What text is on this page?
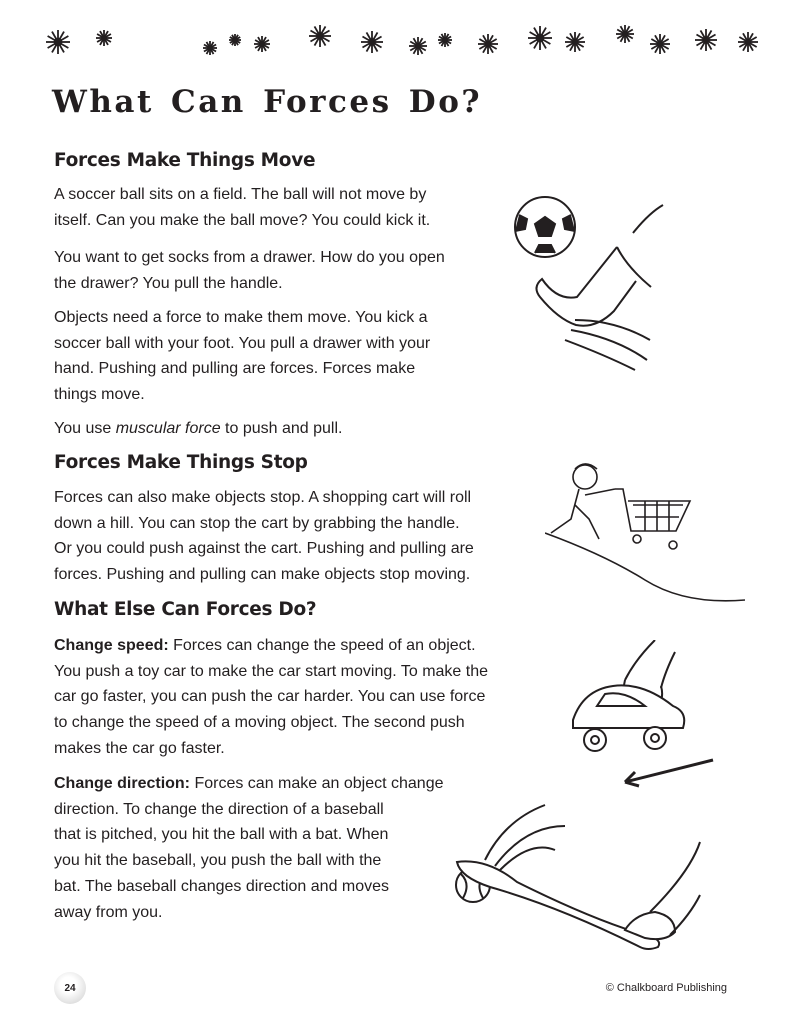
What Can Forces Do?
Forces Make Things Move
A soccer ball sits on a field. The ball will not move by
itself. Can you make the ball move? You could kick it.
You want to get socks from a drawer. How do you open
the drawer? You pull the handle.
Objects need a force to make them move. You kick a
soccer ball with your foot. You pull a drawer with your
hand. Pushing and pulling are forces. Forces make
things move.
You use muscular force to push and pull.
Forces Make Things Stop
Forces can also make objects stop. A shopping cart will roll
down a hill. You can stop the cart by grabbing the handle.
Or you could push against the cart. Pushing and pulling are
forces. Pushing and pulling can make objects stop moving.
What Else Can Forces Do?
Change speed: Forces can change the speed of an object.
You push a toy car to make the car start moving. To make the
car go faster, you can push the car harder. You can use force
to change the speed of a moving object. The second push
makes the car go faster.
Change direction: Forces can make an object change
direction. To change the direction of a baseball
that is pitched, you hit the ball with a bat. When
you hit the baseball, you push the ball with the
bat. The baseball changes direction and moves
away from you.
24	© Chalkboard Publishing
